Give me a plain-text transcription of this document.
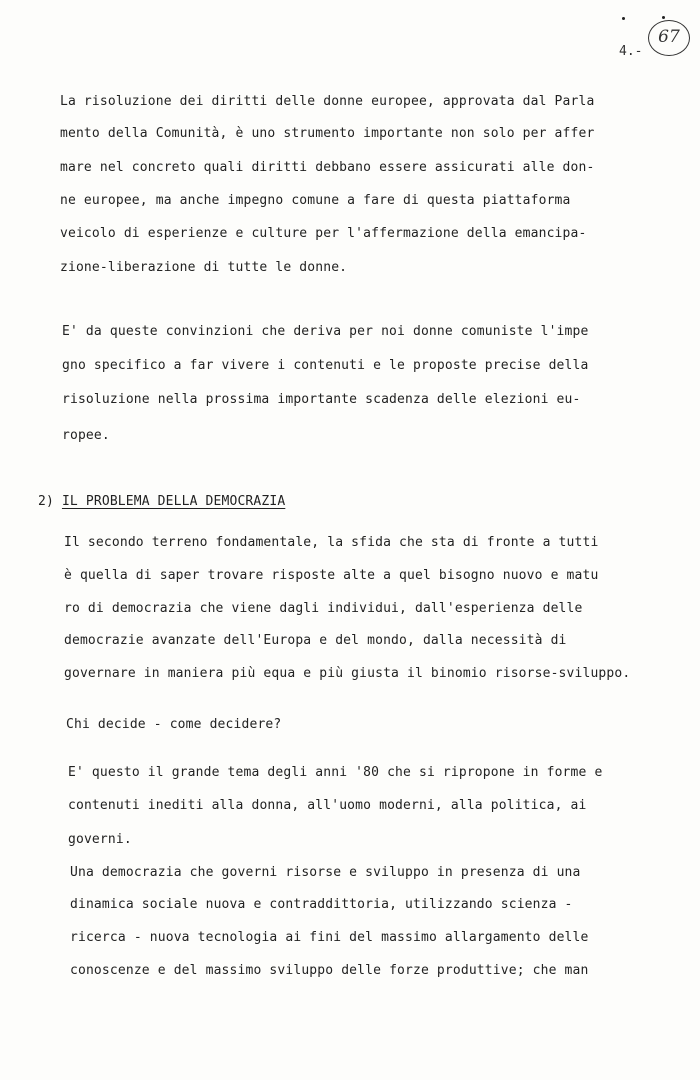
4.-
67
La risoluzione dei diritti delle donne europee, approvata dal Parla
mento della Comunità, è uno strumento importante non solo per affer
mare nel concreto quali diritti debbano essere assicurati alle don-
ne europee, ma anche impegno comune a fare di questa piattaforma
veicolo di esperienze e culture per l'affermazione della emancipa-
zione-liberazione di tutte le donne.
E' da queste convinzioni che deriva per noi donne comuniste l'impe
gno specifico a far vivere i contenuti e le proposte precise della
risoluzione nella prossima importante scadenza delle elezioni eu-
ropee.
2) IL PROBLEMA DELLA DEMOCRAZIA
Il secondo terreno fondamentale, la sfida che sta di fronte a tutti
è quella di saper trovare risposte alte a quel bisogno nuovo e matu
ro di democrazia che viene dagli individui, dall'esperienza delle
democrazie avanzate dell'Europa e del mondo, dalla necessità di
governare in maniera più equa e più giusta il binomio risorse-sviluppo.
Chi decide - come decidere?
E' questo il grande tema degli anni '80 che si ripropone in forme e
contenuti inediti alla donna, all'uomo moderni, alla politica, ai
governi.
Una democrazia che governi risorse e sviluppo in presenza di una
dinamica sociale nuova e contraddittoria, utilizzando scienza -
ricerca - nuova tecnologia ai fini del massimo allargamento delle
conoscenze e del massimo sviluppo delle forze produttive; che man
